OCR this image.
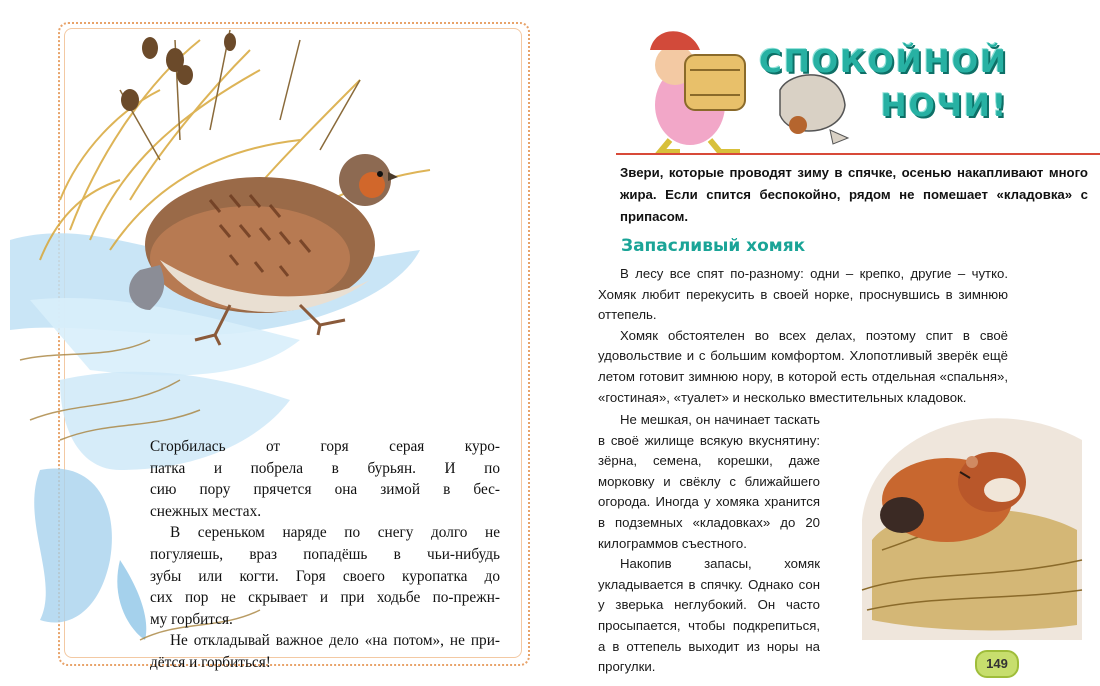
Сгорбилась от горя серая куро-

патка и побрела в бурьян. И по

сию пору прячется она зимой в бес-

снежных местах.

В сереньком наряде по снегу долго не

погуляешь, враз попадёшь в чьи-нибудь

зубы или когти. Горя своего куропатка до

сих пор не скрывает и при ходьбе по-прежн-

му горбится.

Не откладывай важное дело «на потом», не при-

дётся и горбиться!

СПОКОЙНОЙ
НОЧИ!
Звери, которые проводят зиму в спячке, осенью накапливают много жира. Если спится беспокойно, рядом не помешает «кладовка» с припасом.
Запасливый хомяк

В лесу все спят по-разному: одни – крепко, другие – чутко. Хомяк любит перекусить в своей норке, проснувшись в зимнюю оттепель.

Хомяк обстоятелен во всех делах, поэтому спит в своё удовольствие и с большим комфортом. Хлопотливый зверёк ещё летом готовит зимнюю нору, в которой есть отдельная «спальня», «гостиная», «туалет» и несколько вместительных кладовок.

Не мешкая, он начинает таскать в своё жилище всякую вкуснятину: зёрна, семена, корешки, даже морковку и свёклу с ближайшего огорода. Иногда у хомяка хранится в подземных «кладовках» до 20 килограммов съестного.

Накопив запасы, хомяк укладывается в спячку. Однако сон у зверька неглубокий. Он часто просыпается, чтобы подкрепиться, а в оттепель выходит из норы на прогулки.	149
